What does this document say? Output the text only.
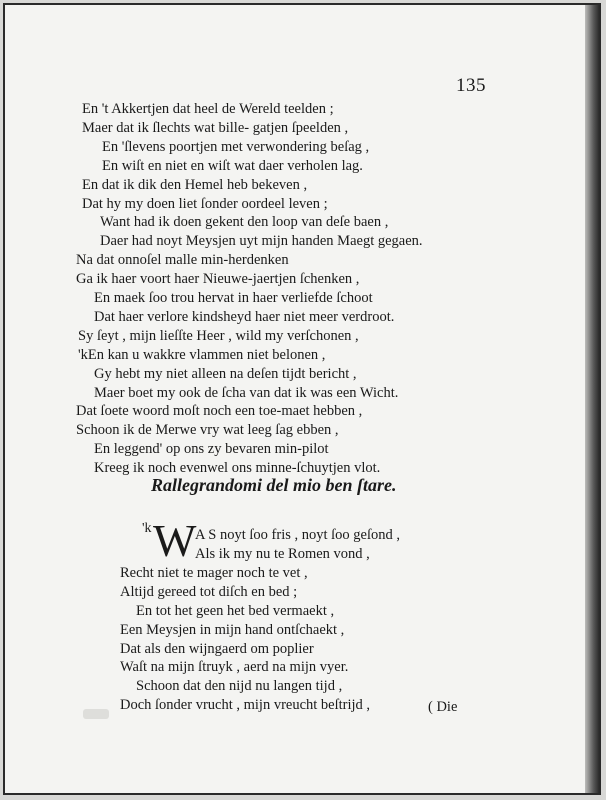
135
En 't Akkertjen dat heel de Wereld teelden ;
Maer dat ik ſlechts wat bille- gatjen ſpeelden ,
En 'ſlevens poortjen met verwondering beſag ,
En wiſt en niet en wiſt wat daer verholen lag.
En dat ik dik den Hemel heb bekeven ,
Dat hy my doen liet ſonder oordeel leven ;
Want had ik doen gekent den loop van deſe baen ,
Daer had noyt Meysjen uyt mijn handen Maegt gegaen.
Na dat onnoſel malle min-herdenken
Ga ik haer voort haer Nieuwe-jaertjen ſchenken ,
En maek ſoo trou hervat in haer verliefde ſchoot
Dat haer verlore kindsheyd haer niet meer verdroot.
Sy ſeyt , mijn lieſſte Heer , wild my verſchonen ,
'kEn kan u wakkre vlammen niet belonen ,
Gy hebt my niet alleen na deſen tijdt bericht ,
Maer boet my ook de ſcha van dat ik was een Wicht.
Dat ſoete woord moſt noch een toe-maet hebben ,
Schoon ik de Merwe vry wat leeg ſag ebben ,
En leggend' op ons zy bevaren min-pilot
Kreeg ik noch evenwel ons minne-ſchuytjen vlot.
Rallegrandomi del mio ben ſtare.
'k W
A S noyt ſoo fris , noyt ſoo geſond ,
Als ik my nu te Romen vond ,
Recht niet te mager noch te vet ,
Altijd gereed tot diſch en bed ;
En tot het geen het bed vermaekt ,
Een Meysjen in mijn hand ontſchaekt ,
Dat als den wijngaerd om poplier
Waſt na mijn ſtruyk , aerd na mijn vyer.
Schoon dat den nijd nu langen tijd ,
Doch ſonder vrucht , mijn vreucht beſtrijd ,	( Die
